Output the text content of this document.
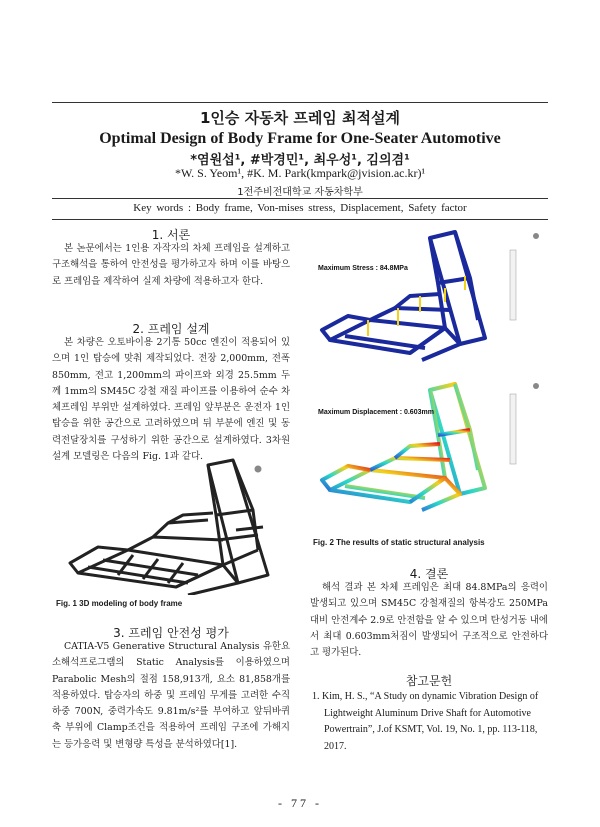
1인승 자동차 프레임 최적설계
Optimal Design of Body Frame for One-Seater Automotive
*염원섭¹, #박경민¹, 최우성¹, 김의겸¹
*W. S. Yeom¹, #K. M. Park(kmpark@jvision.ac.kr)¹
1전주비전대학교 자동차학부
Key words : Body frame, Von-mises stress, Displacement, Safety factor
1. 서론

본 논문에서는 1인용 자작자의 차체 프레임을 설계하고 구조해석을 통하여 안전성을 평가하고자 하며 이를 바탕으로 프레임을 제작하여 실제 차량에 적용하고자 한다.

2. 프레임 설계

본 차량은 오토바이용 2기통 50cc 엔진이 적용되어 있으며 1인 탑승에 맞춰 제작되었다. 전장 2,000mm, 전폭 850mm, 전고 1,200mm의 파이프와 외경 25.5mm 두께 1mm의 SM45C 강철 재질 파이프를 이용하여 순수 차체프레임 부위만 설계하였다. 프레임 앞부분은 운전자 1인 탑승을 위한 공간으로 고려하였으며 뒤 부분에 엔진 및 동력전달장치를 구성하기 위한 공간으로 설계하였다. 3차원 설계 모델링은 다음의 Fig. 1과 같다.

Fig. 1 3D modeling of body frame
3. 프레임 안전성 평가

CATIA-V5 Generative Structural Analysis 유한요소해석프로그램의 Static Analysis를 이용하였으며 Parabolic Mesh의 절점 158,913개, 요소 81,858개를 적용하였다. 탑승자의 하중 및 프레임 무게를 고려한 수직하중 700N, 중력가속도 9.81m/s²를 부여하고 앞뒤바퀴 축 부위에 Clamp조건을 적용하여 프레임 구조에 가해지는 등가응력 및 변형량 특성을 분석하였다[1].

Maximum Stress : 84.8MPa
Maximum Displacement : 0.603mm
Fig. 2 The results of static structural analysis
4. 결론

해석 결과 본 차체 프레임은 최대 84.8MPa의 응력이 발생되고 있으며 SM45C 강철재질의 항복강도 250MPa 대비 안전계수 2.9로 안전함을 알 수 있으며 탄성거동 내에서 최대 0.603mm처짐이 발생되어 구조적으로 안전하다고 평가된다.

참고문헌
1. Kim, H. S., “A Study on dynamic Vibration Design of Lightweight Aluminum Drive Shaft for Automotive Powertrain”, J.of KSMT, Vol. 19, No. 1, pp. 113-118, 2017.
- 77 -
